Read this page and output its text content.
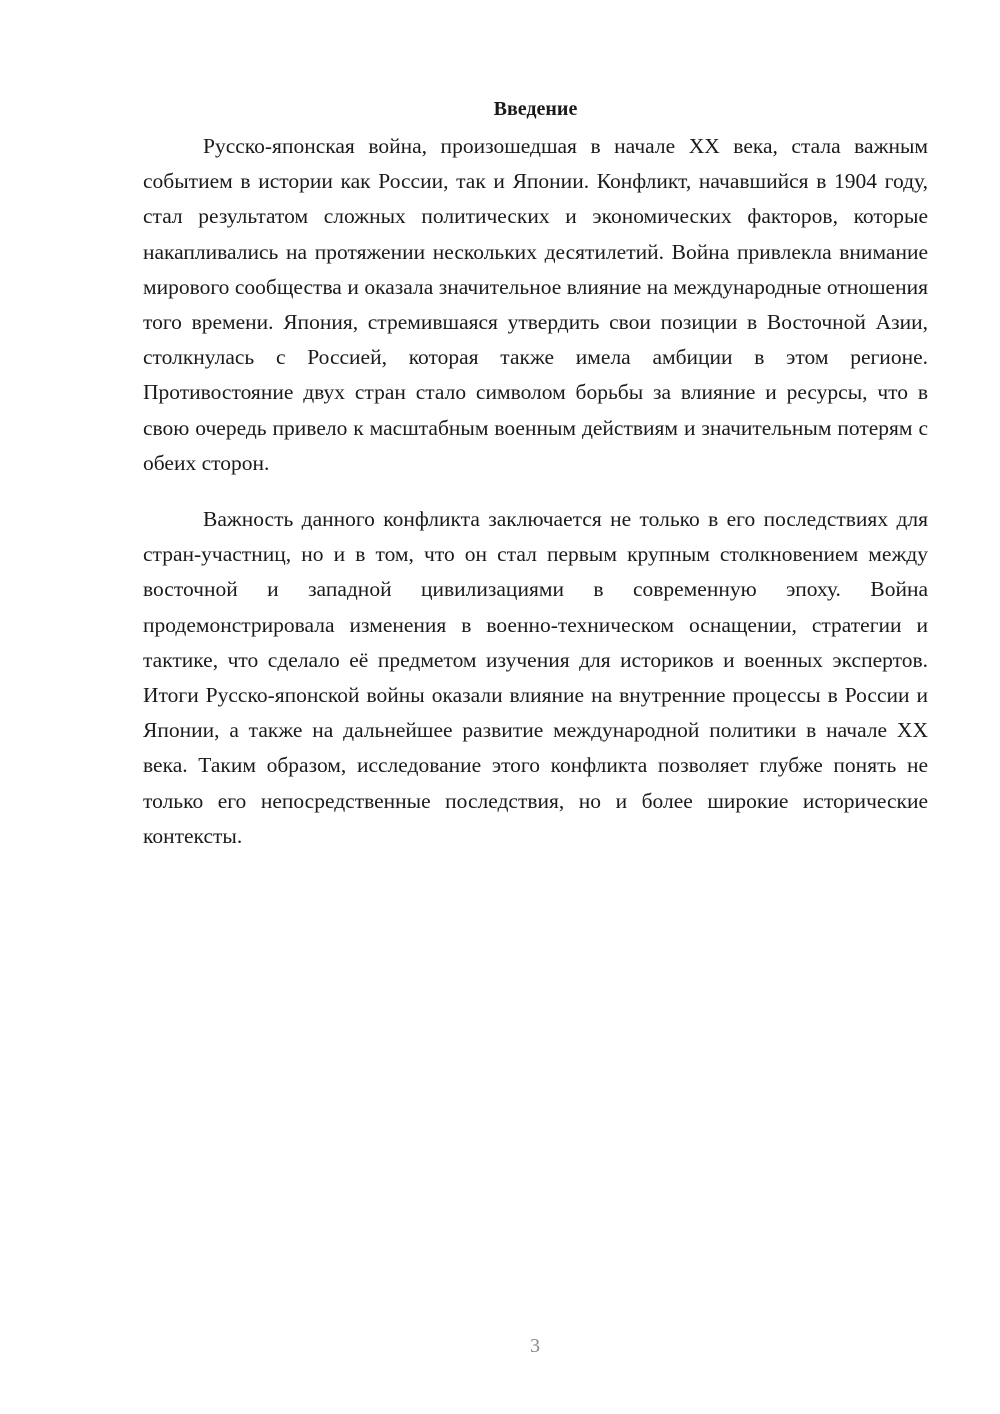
Введение

Русско-японская война, произошедшая в начале XX века, стала важным событием в истории как России, так и Японии. Конфликт, начавшийся в 1904 году, стал результатом сложных политических и экономических факторов, которые накапливались на протяжении нескольких десятилетий. Война привлекла внимание мирового сообщества и оказала значительное влияние на международные отношения того времени. Япония, стремившаяся утвердить свои позиции в Восточной Азии, столкнулась с Россией, которая также имела амбиции в этом регионе. Противостояние двух стран стало символом борьбы за влияние и ресурсы, что в свою очередь привело к масштабным военным действиям и значительным потерям с обеих сторон.

Важность данного конфликта заключается не только в его последствиях для стран-участниц, но и в том, что он стал первым крупным столкновением между восточной и западной цивилизациями в современную эпоху. Война продемонстрировала изменения в военно-техническом оснащении, стратегии и тактике, что сделало её предметом изучения для историков и военных экспертов. Итоги Русско-японской войны оказали влияние на внутренние процессы в России и Японии, а также на дальнейшее развитие международной политики в начале XX века. Таким образом, исследование этого конфликта позволяет глубже понять не только его непосредственные последствия, но и более широкие исторические контексты.

3
